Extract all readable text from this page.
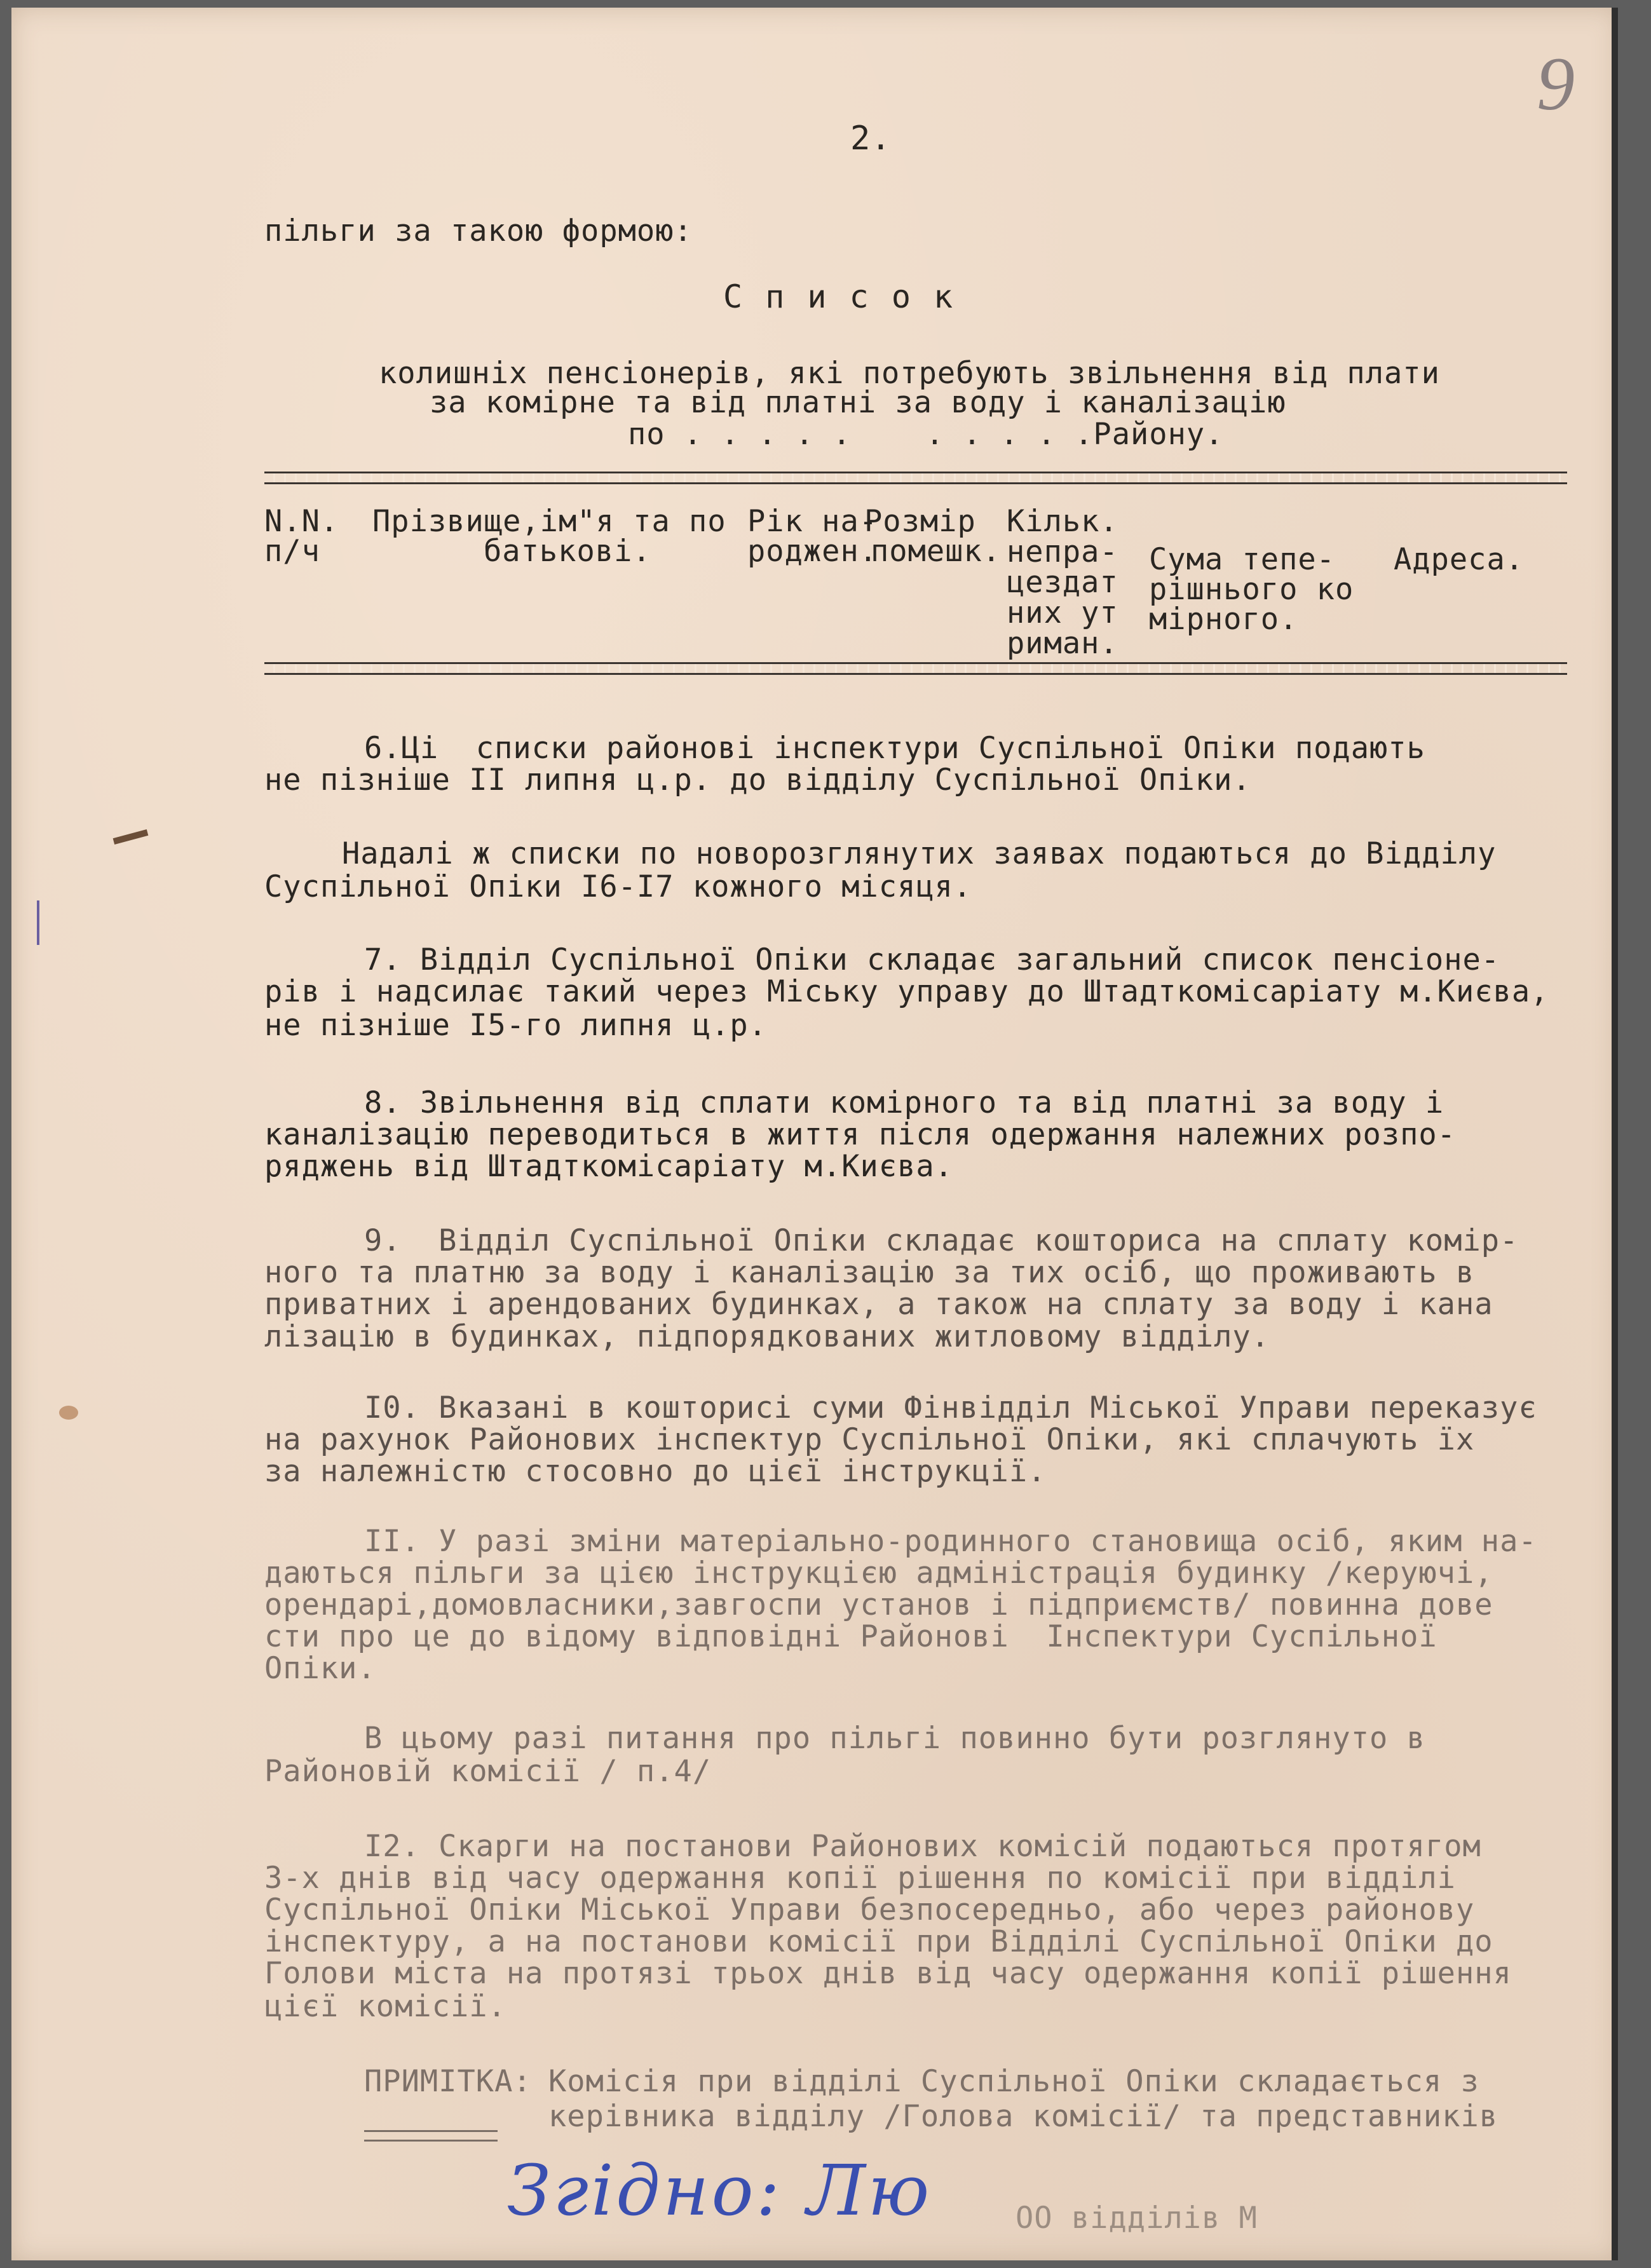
9
2.
пільги за такою формою:
С п и с о к
колишніх пенсіонерів, які потребують звільнення від плати
за комірне та від платні за воду і каналізацію
по . . . . .    . . . . .Району.
N.N.
п/ч
Прізвище,ім"я та по
батькові.
Рік на-
роджен.
Розмір
помешк.
Кільк.
непра-
цездат
них ут
риман.
Сума тепе-
рішнього ко
мірного.
Адреса.
6.Ці  списки районові інспектури Суспільної Опіки подають
не пізніше ІІ липня ц.р. до відділу Суспільної Опіки.
Надалі ж списки по новорозглянутих заявах подаються до Відділу
Суспільної Опіки І6-І7 кожного місяця.
7. Відділ Суспільної Опіки складає загальний список пенсіоне-
рів і надсилає такий через Міську управу до Штадткомісаріату м.Києва,
не пізніше І5-го липня ц.р.
8. Звільнення від сплати комірного та від платні за воду і
каналізацію переводиться в життя після одержання належних розпо-
ряджень від Штадткомісаріату м.Києва.
9.  Відділ Суспільної Опіки складає кошториса на сплату комір-
ного та платню за воду і каналізацію за тих осіб, що проживають в
приватних і арендованих будинках, а також на сплату за воду і кана
лізацію в будинках, підпорядкованих житловому відділу.
І0. Вказані в кошторисі суми Фінвідділ Міської Управи переказує
на рахунок Районових інспектур Суспільної Опіки, які сплачують їх
за належністю стосовно до цієї інструкції.
ІІ. У разі зміни матеріально-родинного становища осіб, яким на-
даються пільги за цією інструкцією адміністрація будинку /керуючі,
орендарі,домовласники,завгоспи установ і підприємств/ повинна дове
сти про це до відому відповідні Районові  Інспектури Суспільної
Опіки.
В цьому разі питання про пільгі повинно бути розглянуто в
Районовій комісії / п.4/
І2. Скарги на постанови Районових комісій подаються протягом
3-х днів від часу одержання копії рішення по комісії при відділі
Суспільної Опіки Міської Управи безпосередньо, або через районову
інспектуру, а на постанови комісії при Відділі Суспільної Опіки до
Голови міста на протязі трьох днів від часу одержання копії рішення
цієї комісії.
ПРИМІТКА: Комісія при відділі Суспільної Опіки складається з
керівника відділу /Голова комісії/ та представників
ОО відділів М
Згідно: Лю
